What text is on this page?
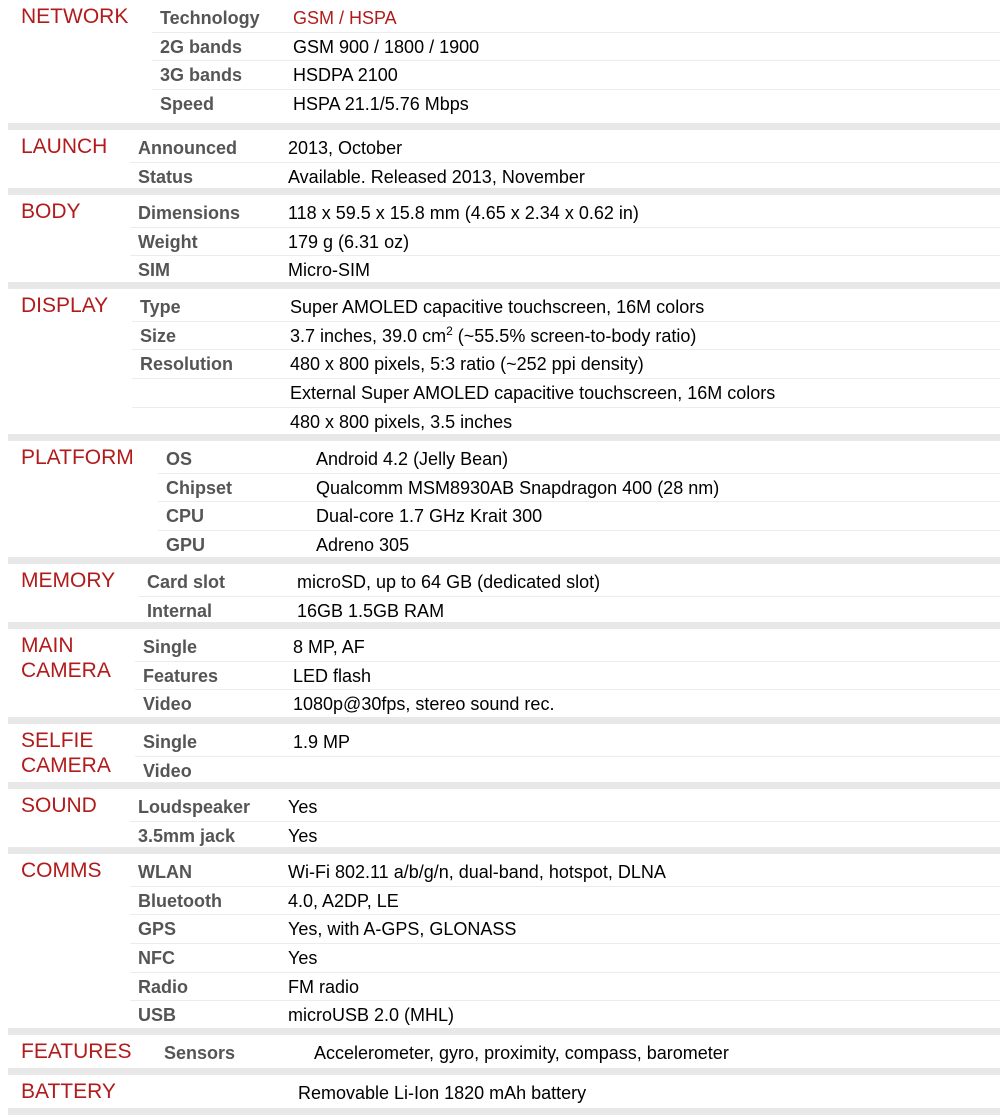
NETWORK Technology GSM / HSPA
2G bands	GSM 900 / 1800 / 1900
3G bands	HSDPA 2100
Speed	HSPA 21.1/5.76 Mbps
LAUNCH Announced	2013, October
Status	Available. Released 2013, November
BODY	Dimensions	118 x 59.5 x 15.8 mm (4.65 x 2.34 x 0.62 in)
Weight	179 g (6.31 oz)
SIM	Micro-SIM
DISPLAY Type	Super AMOLED capacitive touchscreen, 16M colors
Size	3.7 inches, 39.0 $cm^2$ (~55.5% screen-to-body ratio)
Resolution	480 x 800 pixels, 5:3 ratio (~252 ppi density)
External Super AMOLED capacitive touchscreen, 16M colors
480 x 800 pixels, 3.5 inches
PLATFORM OS	Android 4.2 (Jelly Bean)
Chipset	Qualcomm MSM8930AB Snapdragon 400 (28 nm)
CPU	Dual-core 1.7 GHz Krait 300
GPU	Adreno 305
MEMORY Card slot	microSD, up to 64 GB (dedicated slot)
Internal	16GB 1.5GB RAM
MAIN
CAMERA
Single	8 MP, AF
Features	LED flash
Video	1080p@30fps, stereo sound rec.
SELFIE
CAMERA
Single	1.9 MP
Video
SOUND Loudspeaker Yes
3.5mm jack	Yes
COMMS WLAN	Wi-Fi 802.11 a/b/g/n, dual-band, hotspot, DLNA
Bluetooth	4.0, A2DP, LE
GPS	Yes, with A-GPS, GLONASS
NFC	Yes
Radio	FM radio
USB	microUSB 2.0 (MHL)
FEATURES Sensors	Accelerometer, gyro, proximity, compass, barometer
BATTERY	Removable Li-Ion 1820 mAh battery
